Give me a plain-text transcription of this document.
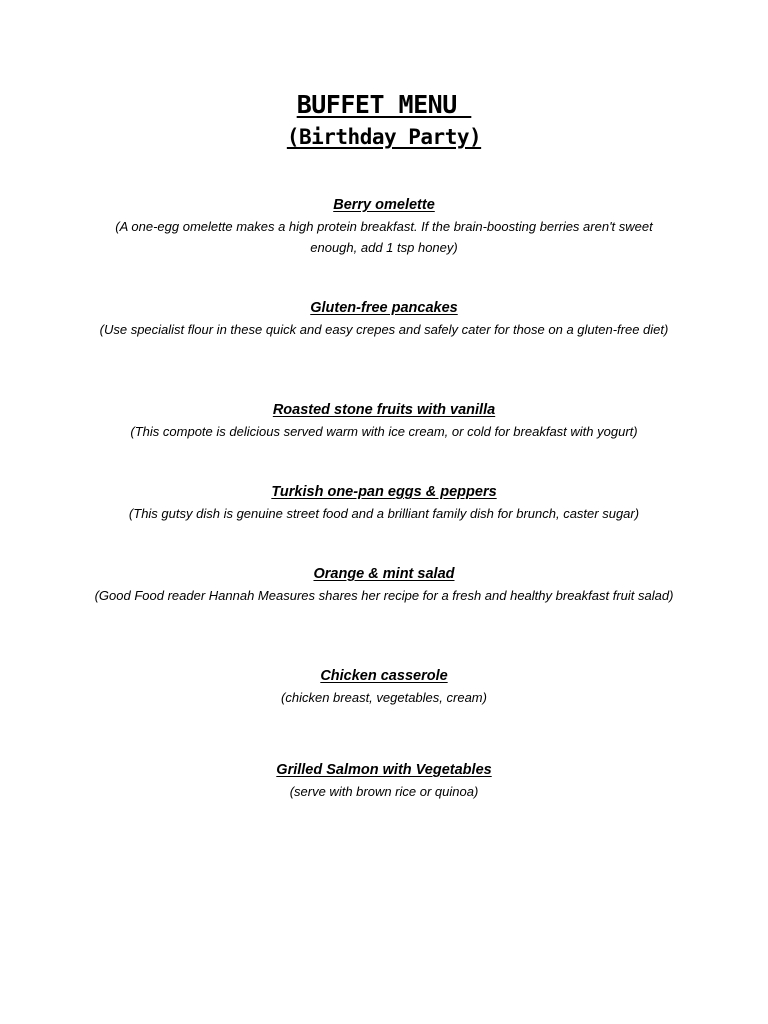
BUFFET MENU
(Birthday Party)
Berry omelette
(A one-egg omelette makes a high protein breakfast. If the brain-boosting berries aren't sweet enough, add 1 tsp honey)
Gluten-free pancakes
(Use specialist flour in these quick and easy crepes and safely cater for those on a gluten-free diet)
Roasted stone fruits with vanilla
(This compote is delicious served warm with ice cream, or cold for breakfast with yogurt)
Turkish one-pan eggs & peppers
(This gutsy dish is genuine street food and a brilliant family dish for brunch, caster sugar)
Orange & mint salad
(Good Food reader Hannah Measures shares her recipe for a fresh and healthy breakfast fruit salad)
Chicken casserole
(chicken breast, vegetables, cream)
Grilled Salmon with Vegetables
(serve with brown rice or quinoa)
